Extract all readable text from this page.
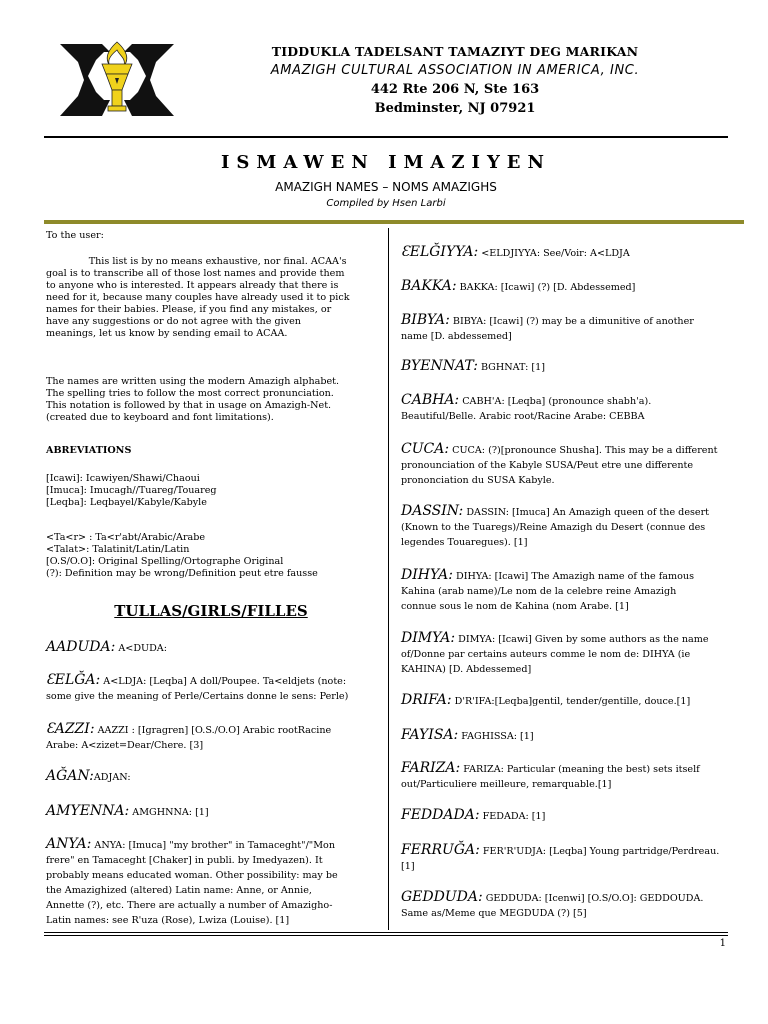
TIDDUKLA TADELSANT TAMAZIΥT DEG MARIKAN
AMAZIGH CULTURAL ASSOCIATION IN AMERICA, INC.
442 Rte 206 N, Ste 163
Bedminster, NJ 07921
ISMAWEN IMAZIYEN
AMAZIGH NAMES – NOMS AMAZIGHS
Compiled by Hsen Larbi

To the user:

This list is by no means exhaustive, nor final. ACAA's

goal is to transcribe all of those lost names and provide them

to anyone who is interested. It appears already that there is

need for it, because many couples have already used it to pick

names for their babies. Please, if you find any mistakes, or

have any suggestions or do not agree with the given

meanings, let us know by sending email to ACAA.

The names are written using the modern Amazigh alphabet.

The spelling tries to follow the most correct pronunciation.

This notation is followed by that in usage on Amazigh-Net.

(created due to keyboard and font limitations).

ABREVIATIONS

[Icawi]: Icawiyen/Shawi/Chaoui

[Imuca]: Imucagh//Tuareg/Touareg

[Leqba]: Leqbayel/Kabyle/Kabyle

<Ta<r> : Ta<r'abt/Arabic/Arabe

<Talat>: Talatinit/Latin/Latin

[O.S/O.O]: Original Spelling/Ortographe Original

(?): Definition may be wrong/Definition peut etre fausse

TULLAS/GIRLS/FILLES
AADUDA: A<DUDA:
ƐELĞA: A<LDJA: [Leqba] A doll/Poupee. Ta<eldjets (note:
some give the meaning of Perle/Certains donne le sens: Perle)
ƐAZZI: AAZZI : [Igragren] [O.S./O.O] Arabic rootRacine
Arabe: A<zizet=Dear/Chere. [3]
AĞAN:ADJAN:
AMYENNA: AMGHNNA: [1]
ANYA: ANYA: [Imuca] "my brother" in Tamaceght"/"Mon
frere" en Tamaceght [Chaker] in publi. by Imedyazen). It
probably means educated woman. Other possibility: may be
the Amazighized (altered) Latin name: Anne, or Annie,
Annette (?), etc. There are actually a number of Amazigho-
Latin names: see R'uza (Rose), Lwiza (Louise). [1]
ƐELĞIYYA: <ELDJIYYA: See/Voir: A<LDJA
BAKKA: BAKKA: [Icawi] (?) [D. Abdessemed]
BIBYA: BIBYA: [Icawi] (?) may be a dimunitive of another
name [D. abdessemed]
BYENNAT: BGHNAT: [1]
CABHA: CABH'A: [Leqba] (pronounce shabh'a).
Beautiful/Belle. Arabic root/Racine Arabe: CEBBA
CUCA: CUCA: (?)[pronounce Shusha]. This may be a different
pronounciation of the Kabyle SUSA/Peut etre une differente
prononciation du SUSA Kabyle.
DASSIN: DASSIN: [Imuca] An Amazigh queen of the desert
(Known to the Tuaregs)/Reine Amazigh du Desert (connue des
legendes Touaregues). [1]
DIHYA: DIHYA: [Icawi] The Amazigh name of the famous
Kahina (arab name)/Le nom de la celebre reine Amazigh
connue sous le nom de Kahina (nom Arabe. [1]
DIMYA: DIMYA: [Icawi] Given by some authors as the name
of/Donne par certains auteurs comme le nom de: DIHYA (ie
KAHINA) [D. Abdessemed]
DRIFA: D'R'IFA:[Leqba]gentil, tender/gentille, douce.[1]
FAYISA: FAGHISSA: [1]
FARIZA: FARIZA: Particular (meaning the best) sets itself
out/Particuliere meilleure, remarquable.[1]
FEDDADA: FEDADA: [1]
FERRUĞA: FER'R'UDJA: [Leqba] Young partridge/Perdreau.
[1]
GEDDUDA: GEDDUDA: [Icenwi] [O.S/O.O]: GEDDOUDA.
Same as/Meme que MEGDUDA (?) [5]
1
